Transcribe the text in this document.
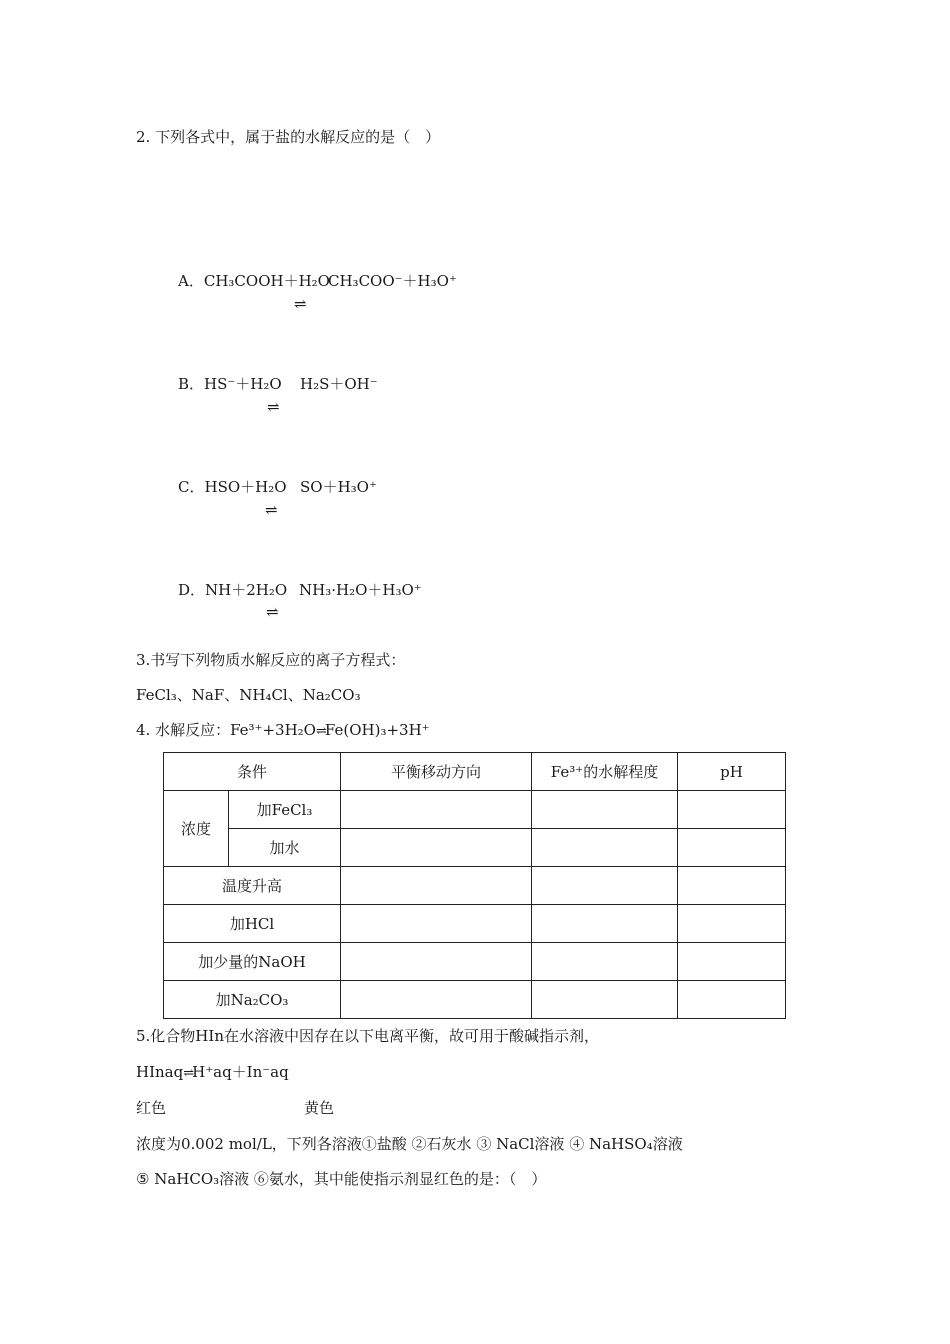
2. 下列各式中，属于盐的水解反应的是（　）
A．CH₃COOH＋H₂O
CH₃COO⁻＋H₃O⁺
⇌
B．HS⁻＋H₂O H₂S＋OH⁻
⇌
C．HSO＋H₂O SO＋H₃O⁺
⇌
D．NH＋2H₂O NH₃·H₂O＋H₃O⁺
⇌
3.书写下列物质水解反应的离子方程式：
FeCl₃、NaF、NH₄Cl、Na₂CO₃
4. 水解反应：Fe³⁺+3H₂O⇌Fe(OH)₃+3H⁺
条件		平衡移动方向	Fe³⁺的水解程度	pH
浓度	加FeCl₃			
	加水			
温度升高				
加HCl				
加少量的NaOH				
加Na₂CO₃				
5.化合物HIn在水溶液中因存在以下电离平衡，故可用于酸碱指示剂，
HInaq⇌H⁺aq＋In⁻aq
红色	黄色
浓度为0.002 mol/L，下列各溶液①盐酸 ②石灰水 ③ NaCl溶液 ④ NaHSO₄溶液
⑤ NaHCO₃溶液 ⑥氨水，其中能使指示剂显红色的是：（　）
